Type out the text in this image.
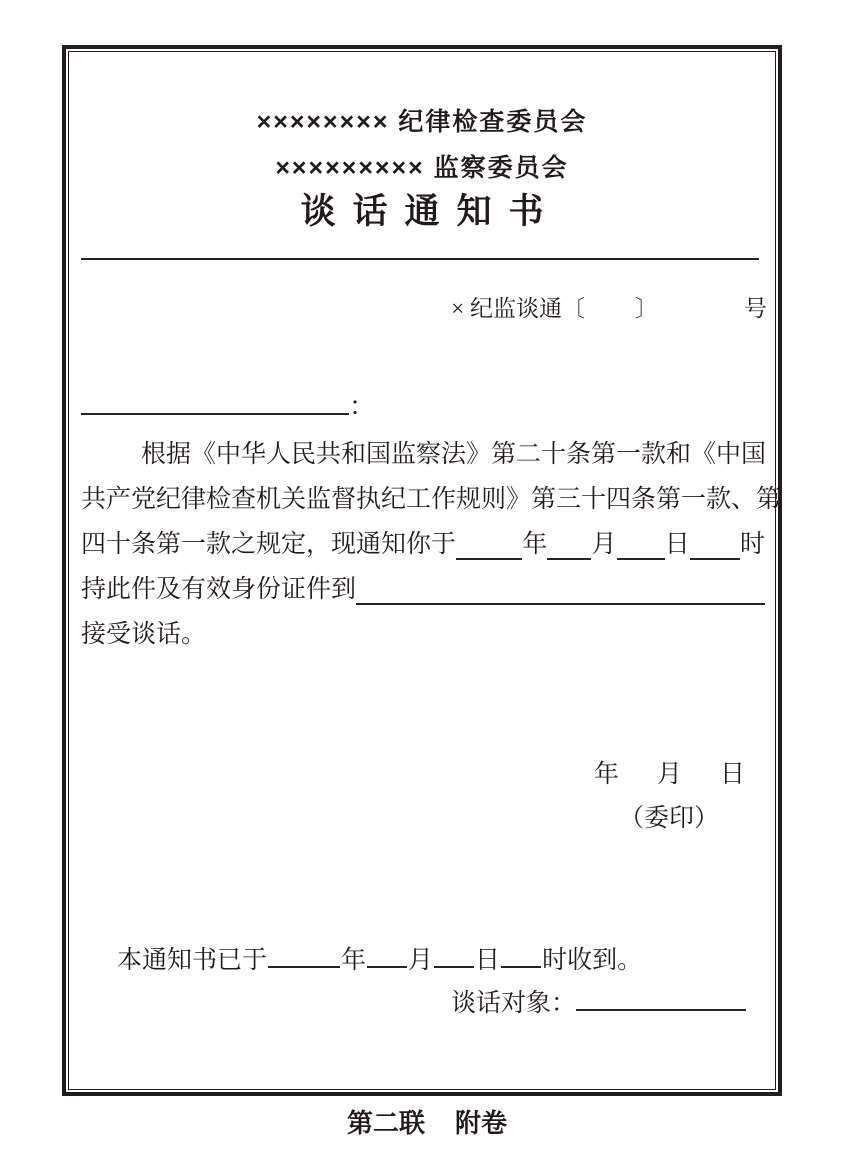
×××××××× 纪律检查委员会
××××××××× 监察委员会
谈话通知书
× 纪监谈通〔 〕	号
：
根据《中华人民共和国监察法》第二十条第一款和《中国
共产党纪律检查机关监督执纪工作规则》第三十四条第一款、第
四十条第一款之规定，现通知你于	年 月 日 时
持此件及有效身份证件到
接受谈话。
年 月 日
（委印）
本通知书已于	年 月 日 时收到。
谈话对象：
第二联 附卷
